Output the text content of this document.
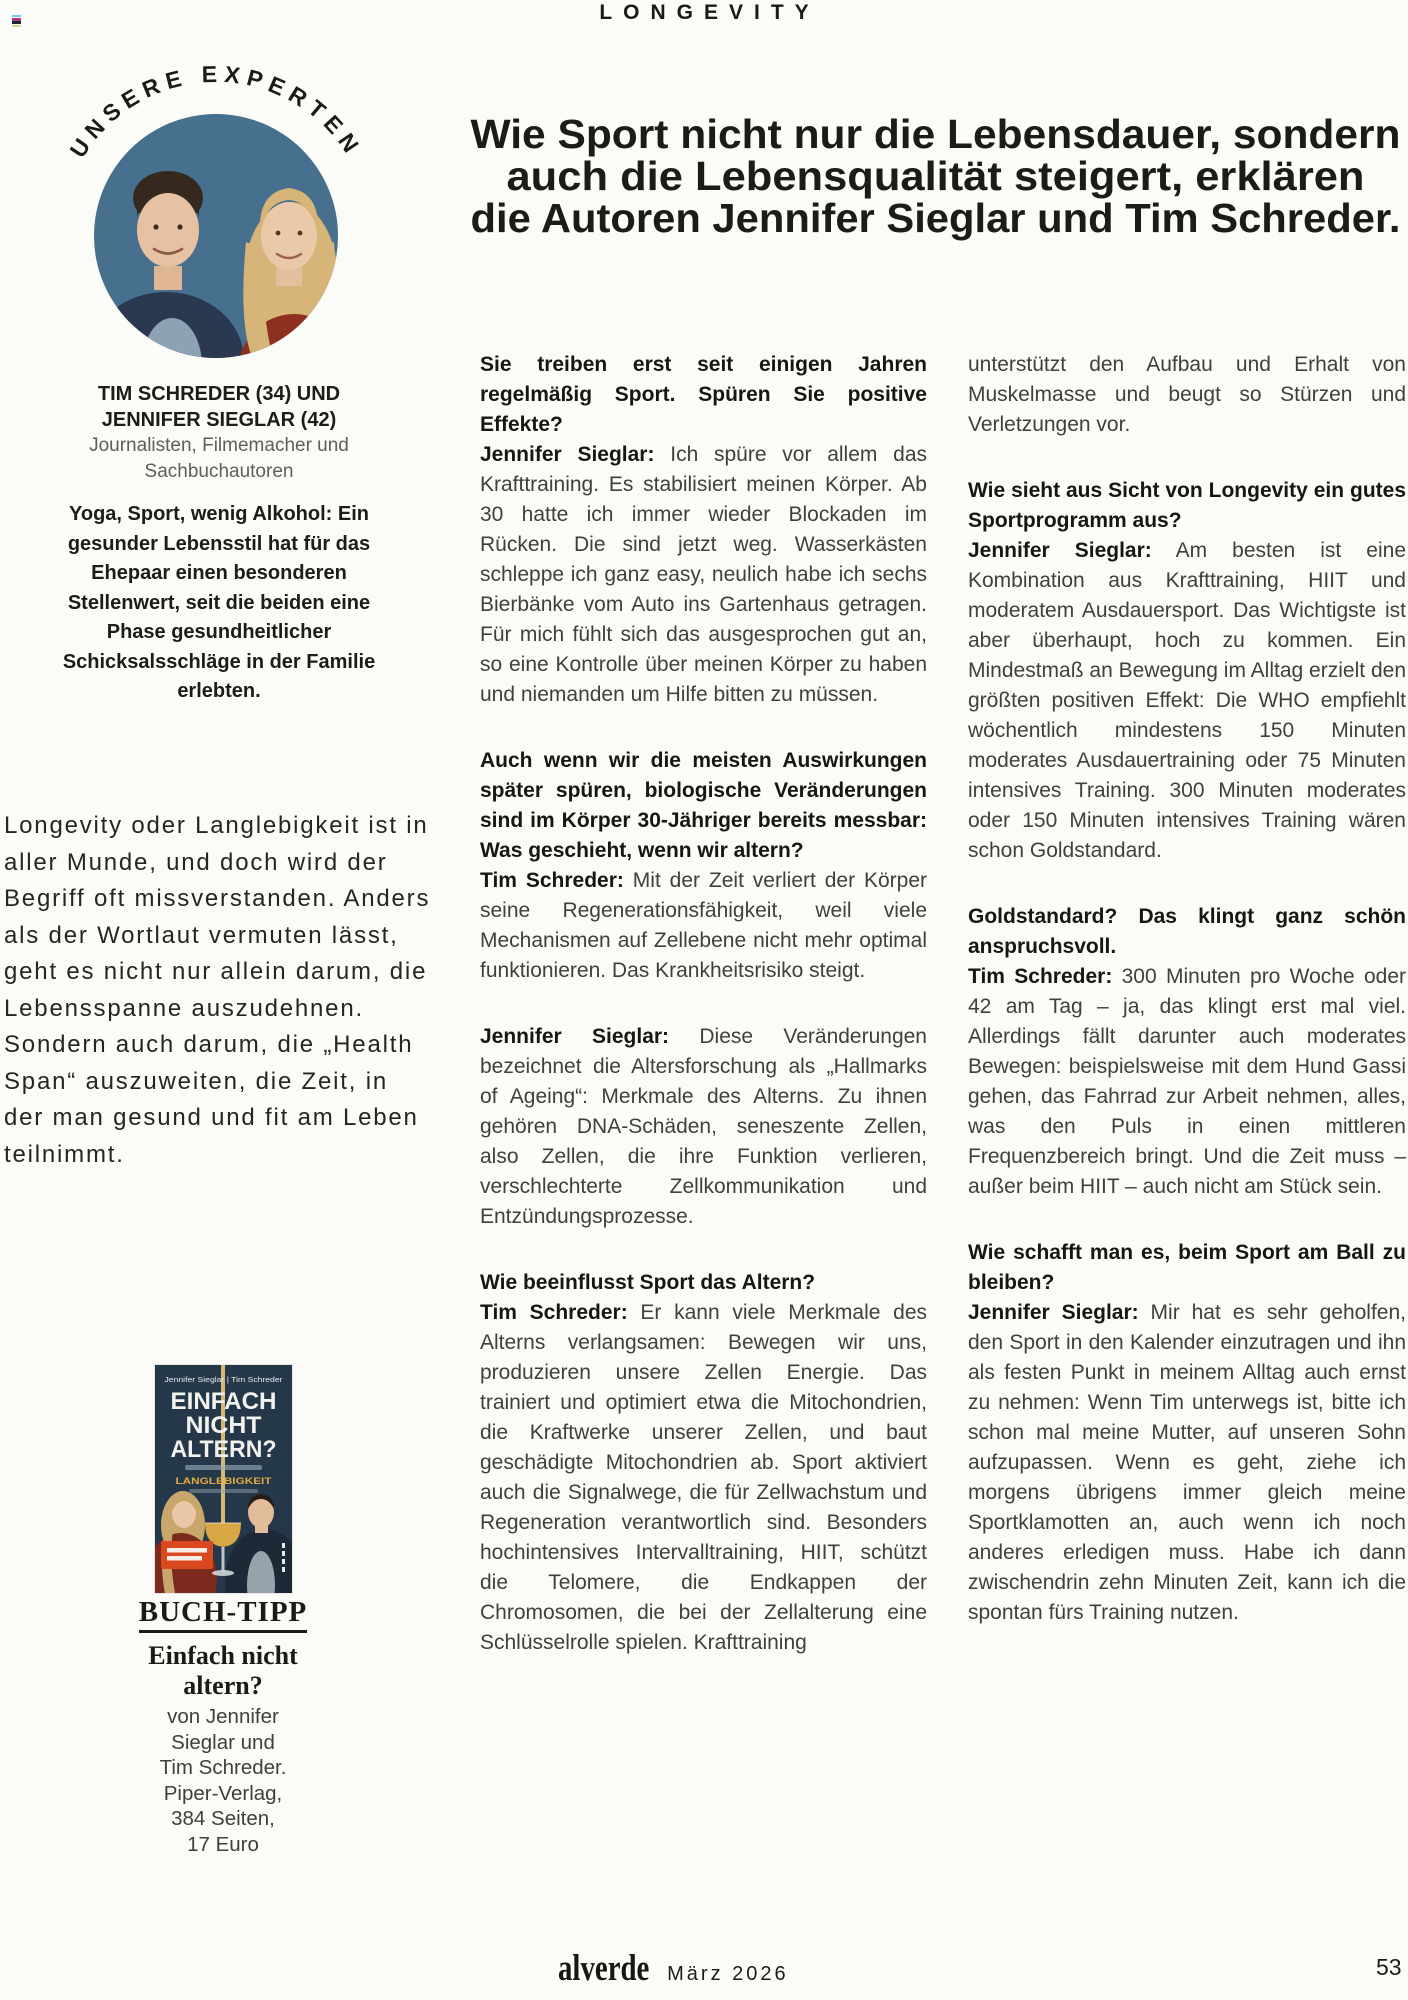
LONGEVITY
UNSERE EXPERTEN	Wie Sport nicht nur die Lebensdauer, sondern
auch die Lebensqualität steigert, erklären
die Autoren Jennifer Sieglar und Tim Schreder.
TIM SCHREDER (34) UND
JENNIFER SIEGLAR (42)
Journalisten, Filmemacher und Sachbuchautoren
Yoga, Sport, wenig Alkohol: Ein gesunder Lebensstil hat für das Ehepaar einen besonderen Stellenwert, seit die beiden eine Phase gesundheitlicher Schicksalsschläge in der Familie erlebten.
Longevity oder Langlebigkeit ist in aller Munde, und doch wird der Begriff oft missverstanden. Anders als der Wortlaut vermuten lässt, geht es nicht nur allein darum, die Lebensspanne auszudehnen. Sondern auch darum, die „Health Span“ auszuweiten, die Zeit, in der man gesund und fit am Leben teilnimmt.
Jennifer Sieglar | Tim Schreder
EINFACH
NICHT
ALTERN?
LANGLEBIGKEIT
BUCH-TIPP
Einfach nicht
altern?
von Jennifer
Sieglar und
Tim Schreder.
Piper-Verlag,
384 Seiten,
17 Euro

Sie treiben erst seit einigen Jahren regelmäßig Sport. Spüren Sie positive Effekte?

Jennifer Sieglar: Ich spüre vor allem das Krafttraining. Es stabilisiert meinen Körper. Ab 30 hatte ich immer wieder Blockaden im Rücken. Die sind jetzt weg. Wasserkästen schleppe ich ganz easy, neulich habe ich sechs Bierbänke vom Auto ins Gartenhaus getragen. Für mich fühlt sich das ausgesprochen gut an, so eine Kontrolle über meinen Körper zu haben und niemanden um Hilfe bitten zu müssen.

Auch wenn wir die meisten Auswirkungen später spüren, biologische Veränderungen sind im Körper 30-Jähriger bereits messbar: Was geschieht, wenn wir altern?

Tim Schreder: Mit der Zeit verliert der Körper seine Regenerationsfähigkeit, weil viele Mechanismen auf Zellebene nicht mehr optimal funktionieren. Das Krankheitsrisiko steigt.

Jennifer Sieglar: Diese Veränderungen bezeichnet die Altersforschung als „Hallmarks of Ageing“: Merkmale des Alterns. Zu ihnen gehören DNA-Schäden, seneszente Zellen, also Zellen, die ihre Funktion verlieren, verschlechterte Zellkommunikation und Entzündungsprozesse.

Wie beeinflusst Sport das Altern?

Tim Schreder: Er kann viele Merkmale des Alterns verlangsamen: Bewegen wir uns, produzieren unsere Zellen Energie. Das trainiert und optimiert etwa die Mitochondrien, die Kraftwerke unserer Zellen, und baut geschädigte Mitochondrien ab. Sport aktiviert auch die Signalwege, die für Zellwachstum und Regeneration verantwortlich sind. Besonders hochintensives Intervalltraining, HIIT, schützt die Telomere, die Endkappen der Chromosomen, die bei der Zellalterung eine Schlüsselrolle spielen. Krafttraining

unterstützt den Aufbau und Erhalt von Muskelmasse und beugt so Stürzen und Verletzungen vor.

Wie sieht aus Sicht von Longevity ein gutes Sportprogramm aus?

Jennifer Sieglar: Am besten ist eine Kombination aus Krafttraining, HIIT und moderatem Ausdauersport. Das Wichtigste ist aber überhaupt, hoch zu kommen. Ein Mindestmaß an Bewegung im Alltag erzielt den größten positiven Effekt: Die WHO empfiehlt wöchentlich mindestens 150 Minuten moderates Ausdauertraining oder 75 Minuten intensives Training. 300 Minuten moderates oder 150 Minuten intensives Training wären schon Goldstandard.

Goldstandard? Das klingt ganz schön anspruchsvoll.

Tim Schreder: 300 Minuten pro Woche oder 42 am Tag – ja, das klingt erst mal viel. Allerdings fällt darunter auch moderates Bewegen: beispielsweise mit dem Hund Gassi gehen, das Fahrrad zur Arbeit nehmen, alles, was den Puls in einen mittleren Frequenzbereich bringt. Und die Zeit muss – außer beim HIIT – auch nicht am Stück sein.

Wie schafft man es, beim Sport am Ball zu bleiben?

Jennifer Sieglar: Mir hat es sehr geholfen, den Sport in den Kalender einzutragen und ihn als festen Punkt in meinem Alltag auch ernst zu nehmen: Wenn Tim unterwegs ist, bitte ich schon mal meine Mutter, auf unseren Sohn aufzupassen. Wenn es geht, ziehe ich morgens übrigens immer gleich meine Sportklamotten an, auch wenn ich noch anderes erledigen muss. Habe ich dann zwischendrin zehn Minuten Zeit, kann ich die spontan fürs Training nutzen.

alverde März 2026	53
